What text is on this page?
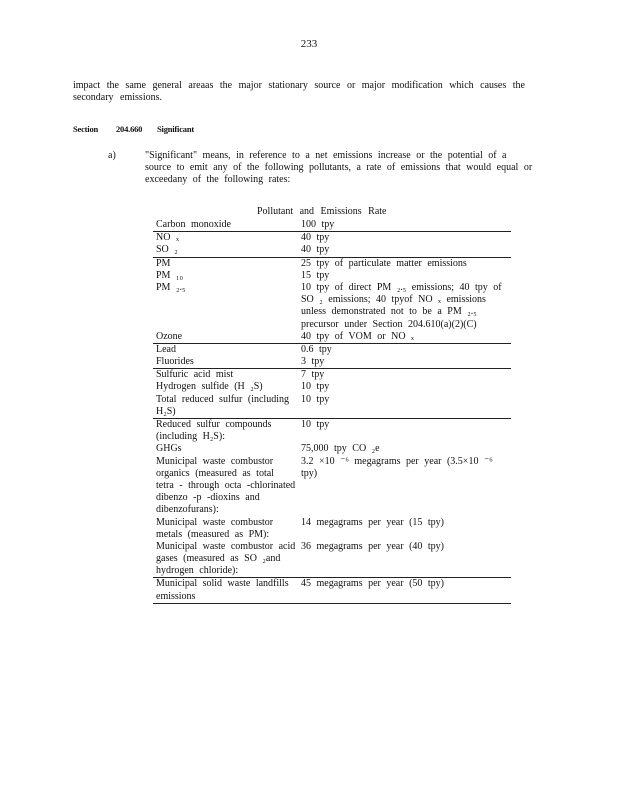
233
impact the same general areaas the major stationary source or major modification which causes the secondary emissions.
Section 204.660 Significant
a)	"Significant" means, in reference to a net emissions increase or the potential of a source to emit any of the following pollutants, a rate of emissions that would equal or exceedany of the following rates:
Pollutant and Emissions Rate
Carbon monoxide	100 tpy
NO ₓ	40 tpy
SO ₂	40 tpy
PM	25 tpy of particulate matter emissions
PM ₁₀	15 tpy
PM ₂.₅	10 tpy of direct PM ₂.₅ emissions; 40 tpy of SO ₂ emissions; 40 tpyof NO ₓ emissions unless demonstrated not to be a PM ₂.₅ precursor under Section 204.610(a)(2)(C)
Ozone	40 tpy of VOM or NO ₓ
Lead	0.6 tpy
Fluorides	3 tpy
Sulfuric acid mist	7 tpy
Hydrogen sulfide (H ₂S)	10 tpy
Total reduced sulfur (including H₂S)	10 tpy
Reduced sulfur compounds (including H₂S):	10 tpy
GHGs	75,000 tpy CO ₂e
Municipal waste combustor organics (measured as total tetra - through octa -chlorinated dibenzo -p -dioxins and dibenzofurans):	3.2 ×10 ⁻⁶ megagrams per year (3.5×10 ⁻⁶ tpy)
Municipal waste combustor metals (measured as PM):	14 megagrams per year (15 tpy)
Municipal waste combustor acid gases (measured as SO ₂and hydrogen chloride):	36 megagrams per year (40 tpy)
Municipal solid waste landfills emissions	45 megagrams per year (50 tpy)
